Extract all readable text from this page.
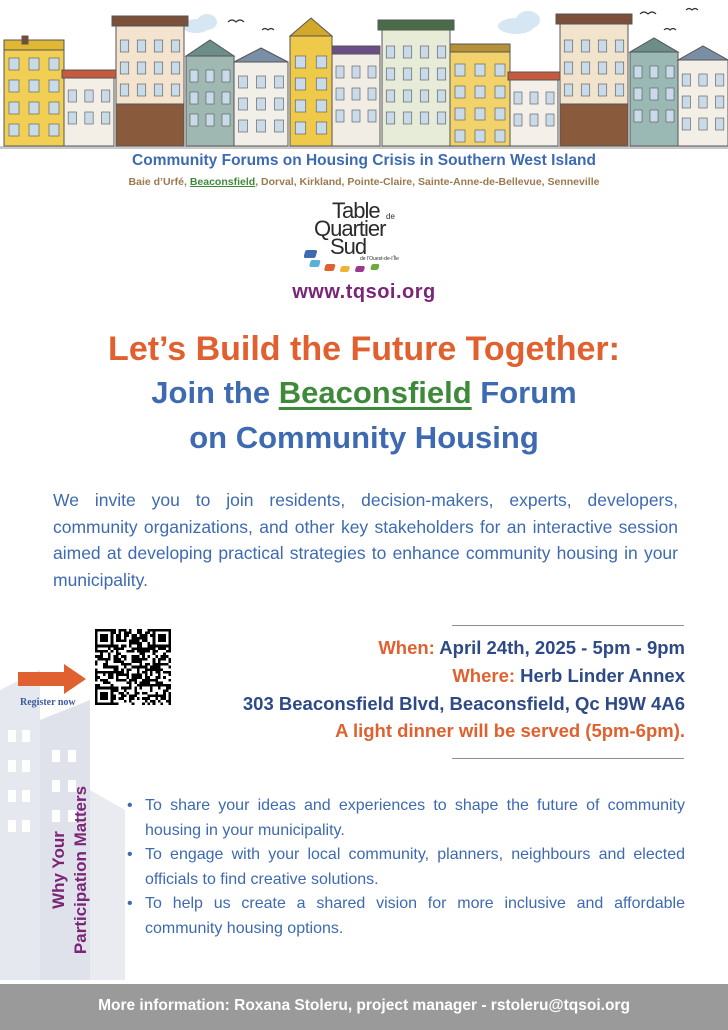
Community Forums on Housing Crisis in Southern West Island
Baie d’Urfé, Beaconsfield, Dorval, Kirkland, Pointe-Claire, Sainte-Anne-de-Bellevue, Senneville
Table de
Quartier
Sud
de l’Ouest-de-l’Île
www.tqsoi.org
Let’s Build the Future Together:
Join the Beaconsfield Forum
on Community Housing

We invite you to join residents, decision-makers, experts, developers, community organizations, and other key stakeholders for an interactive session aimed at developing practical strategies to enhance community housing in your municipality.

Register now
When: April 24th, 2025 - 5pm - 9pm
Where: Herb Linder Annex
303 Beaconsfield Blvd, Beaconsfield, Qc H9W 4A6
A light dinner will be served (5pm-6pm).
Why Your Participation Matters
•	To share your ideas and experiences to shape the future of community housing in your municipality.
• To engage with your local community, planners, neighbours and elected officials to find creative solutions.
• To help us create a shared vision for more inclusive and affordable community housing options.
More information: Roxana Stoleru, project manager - rstoleru@tqsoi.org
